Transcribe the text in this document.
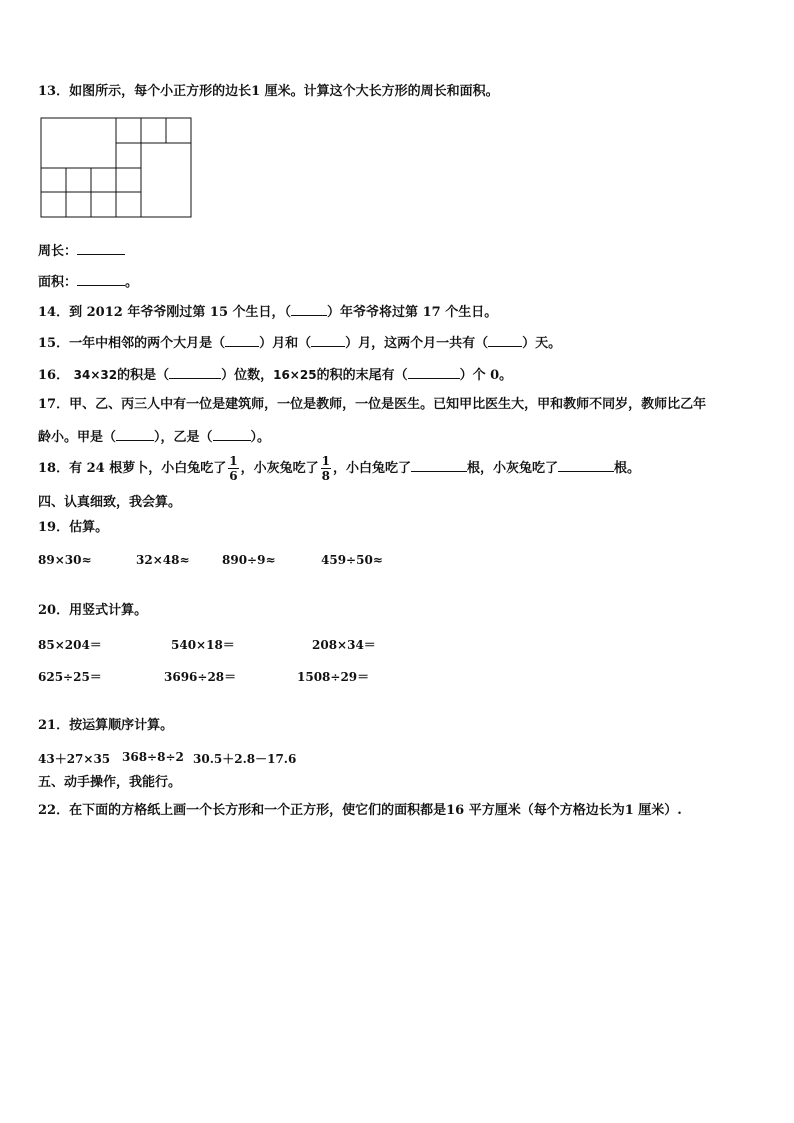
13．如图所示，每个小正方形的边长1 厘米。计算这个大长方形的周长和面积。
周长：
面积：	。
14．到 2012 年爷爷刚过第 15 个生日，（	）年爷爷将过第 17 个生日。
15．一年中相邻的两个大月是（	）月和（	）月，这两个月一共有（	）天。
16． 34×32的积是（	）位数，16×25的积的末尾有（	）个 0。
17．甲、乙、丙三人中有一位是建筑师，一位是教师，一位是医生。已知甲比医生大，甲和教师不同岁，教师比乙年
龄小。甲是（	），乙是（	）。
18．有 24 根萝卜，小白兔吃了 $\frac{1}{6}$ ，小灰兔吃了 $\frac{1}{8}$ ，小白兔吃了	根，小灰兔吃了	根。
四、认真细致，我会算。
19．估算。
89×30≈	32×48≈	890÷9≈	459÷50≈
20．用竖式计算。
85×204＝	540×18＝	208×34＝
625÷25＝	3696÷28＝	1508÷29＝
21．按运算顺序计算。
43＋27×35 368÷8÷2 30.5＋2.8－17.6
五、动手操作，我能行。
22．在下面的方格纸上画一个长方形和一个正方形，使它们的面积都是16 平方厘米（每个方格边长为1 厘米）.
